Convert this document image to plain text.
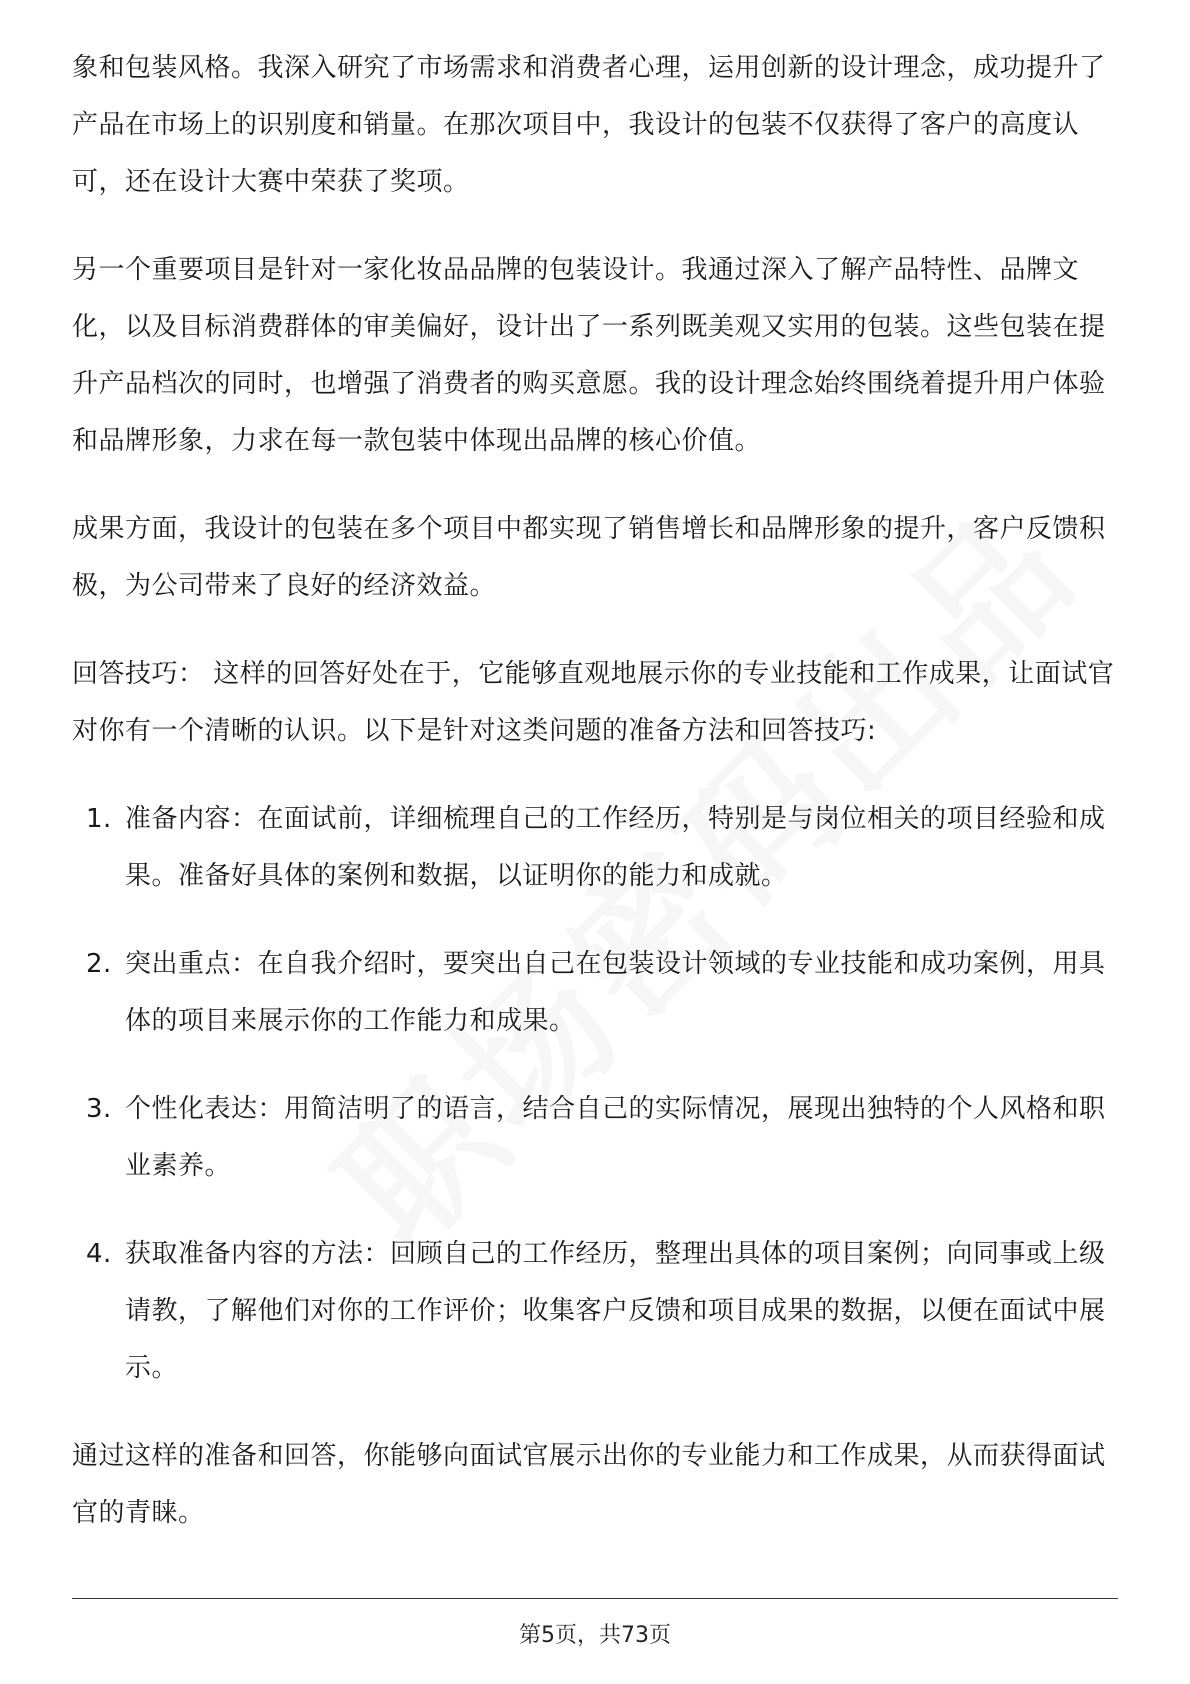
象和包装风格。我深入研究了市场需求和消费者心理，运用创新的设计理念，成功提升了产品在市场上的识别度和销量。在那次项目中，我设计的包装不仅获得了客户的高度认可，还在设计大赛中荣获了奖项。

另一个重要项目是针对一家化妆品品牌的包装设计。我通过深入了解产品特性、品牌文化，以及目标消费群体的审美偏好，设计出了一系列既美观又实用的包装。这些包装在提升产品档次的同时，也增强了消费者的购买意愿。我的设计理念始终围绕着提升用户体验和品牌形象，力求在每一款包装中体现出品牌的核心价值。

成果方面，我设计的包装在多个项目中都实现了销售增长和品牌形象的提升，客户反馈积极，为公司带来了良好的经济效益。

回答技巧： 这样的回答好处在于，它能够直观地展示你的专业技能和工作成果，让面试官对你有一个清晰的认识。以下是针对这类问题的准备方法和回答技巧:

1. 准备内容：在面试前，详细梳理自己的工作经历，特别是与岗位相关的项目经验和成果。准备好具体的案例和数据，以证明你的能力和成就。
2. 突出重点：在自我介绍时，要突出自己在包装设计领域的专业技能和成功案例，用具体的项目来展示你的工作能力和成果。
3. 个性化表达：用简洁明了的语言，结合自己的实际情况，展现出独特的个人风格和职业素养。
4. 获取准备内容的方法：回顾自己的工作经历，整理出具体的项目案例；向同事或上级请教，了解他们对你的工作评价；收集客户反馈和项目成果的数据，以便在面试中展示。

通过这样的准备和回答，你能够向面试官展示出你的专业能力和工作成果，从而获得面试官的青睐。

第5页，共73页
